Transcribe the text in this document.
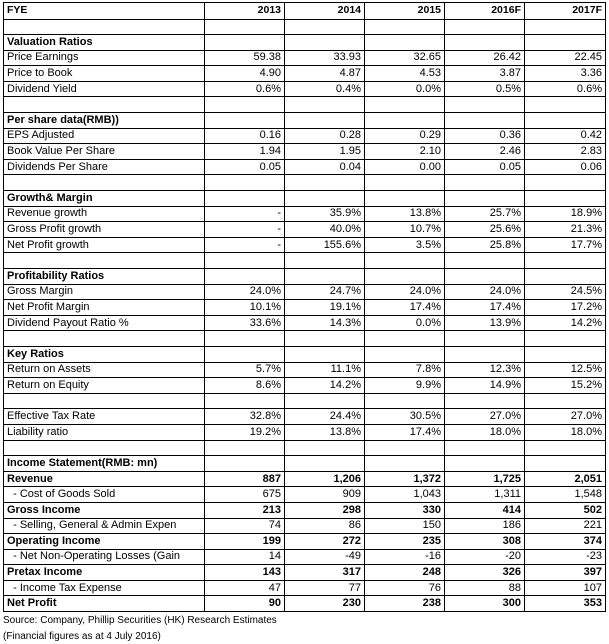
FYE	2013	2014	2015	2016F	2017F

Valuation Ratios					
Price Earnings	59.38	33.93	32.65	26.42	22.45
Price to Book	4.90	4.87	4.53	3.87	3.36
Dividend Yield	0.6%	0.4%	0.0%	0.5%	0.6%

Per share data(RMB))					
EPS Adjusted	0.16	0.28	0.29	0.36	0.42
Book Value Per Share	1.94	1.95	2.10	2.46	2.83
Dividends Per Share	0.05	0.04	0.00	0.05	0.06

Growth& Margin					
Revenue growth	-	35.9%	13.8%	25.7%	18.9%
Gross Profit growth	-	40.0%	10.7%	25.6%	21.3%
Net Profit growth	-	155.6%	3.5%	25.8%	17.7%

Profitability Ratios					
Gross Margin	24.0%	24.7%	24.0%	24.0%	24.5%
Net Profit Margin	10.1%	19.1%	17.4%	17.4%	17.2%
Dividend Payout Ratio %	33.6%	14.3%	0.0%	13.9%	14.2%

Key Ratios					
Return on Assets	5.7%	11.1%	7.8%	12.3%	12.5%
Return on Equity	8.6%	14.2%	9.9%	14.9%	15.2%

Effective Tax Rate	32.8%	24.4%	30.5%	27.0%	27.0%
Liability ratio	19.2%	13.8%	17.4%	18.0%	18.0%

Income Statement(RMB: mn)					
Revenue	887	1,206	1,372	1,725	2,051
- Cost of Goods Sold	675	909	1,043	1,311	1,548
Gross Income	213	298	330	414	502
- Selling, General & Admin Expen	74	86	150	186	221
Operating Income	199	272	235	308	374
- Net Non-Operating Losses (Gain	14	-49	-16	-20	-23
Pretax Income	143	317	248	326	397
- Income Tax Expense	47	77	76	88	107
Net Profit	90	230	238	300	353
Source: Company, Phillip Securities (HK) Research Estimates
(Financial figures as at 4 July 2016)
